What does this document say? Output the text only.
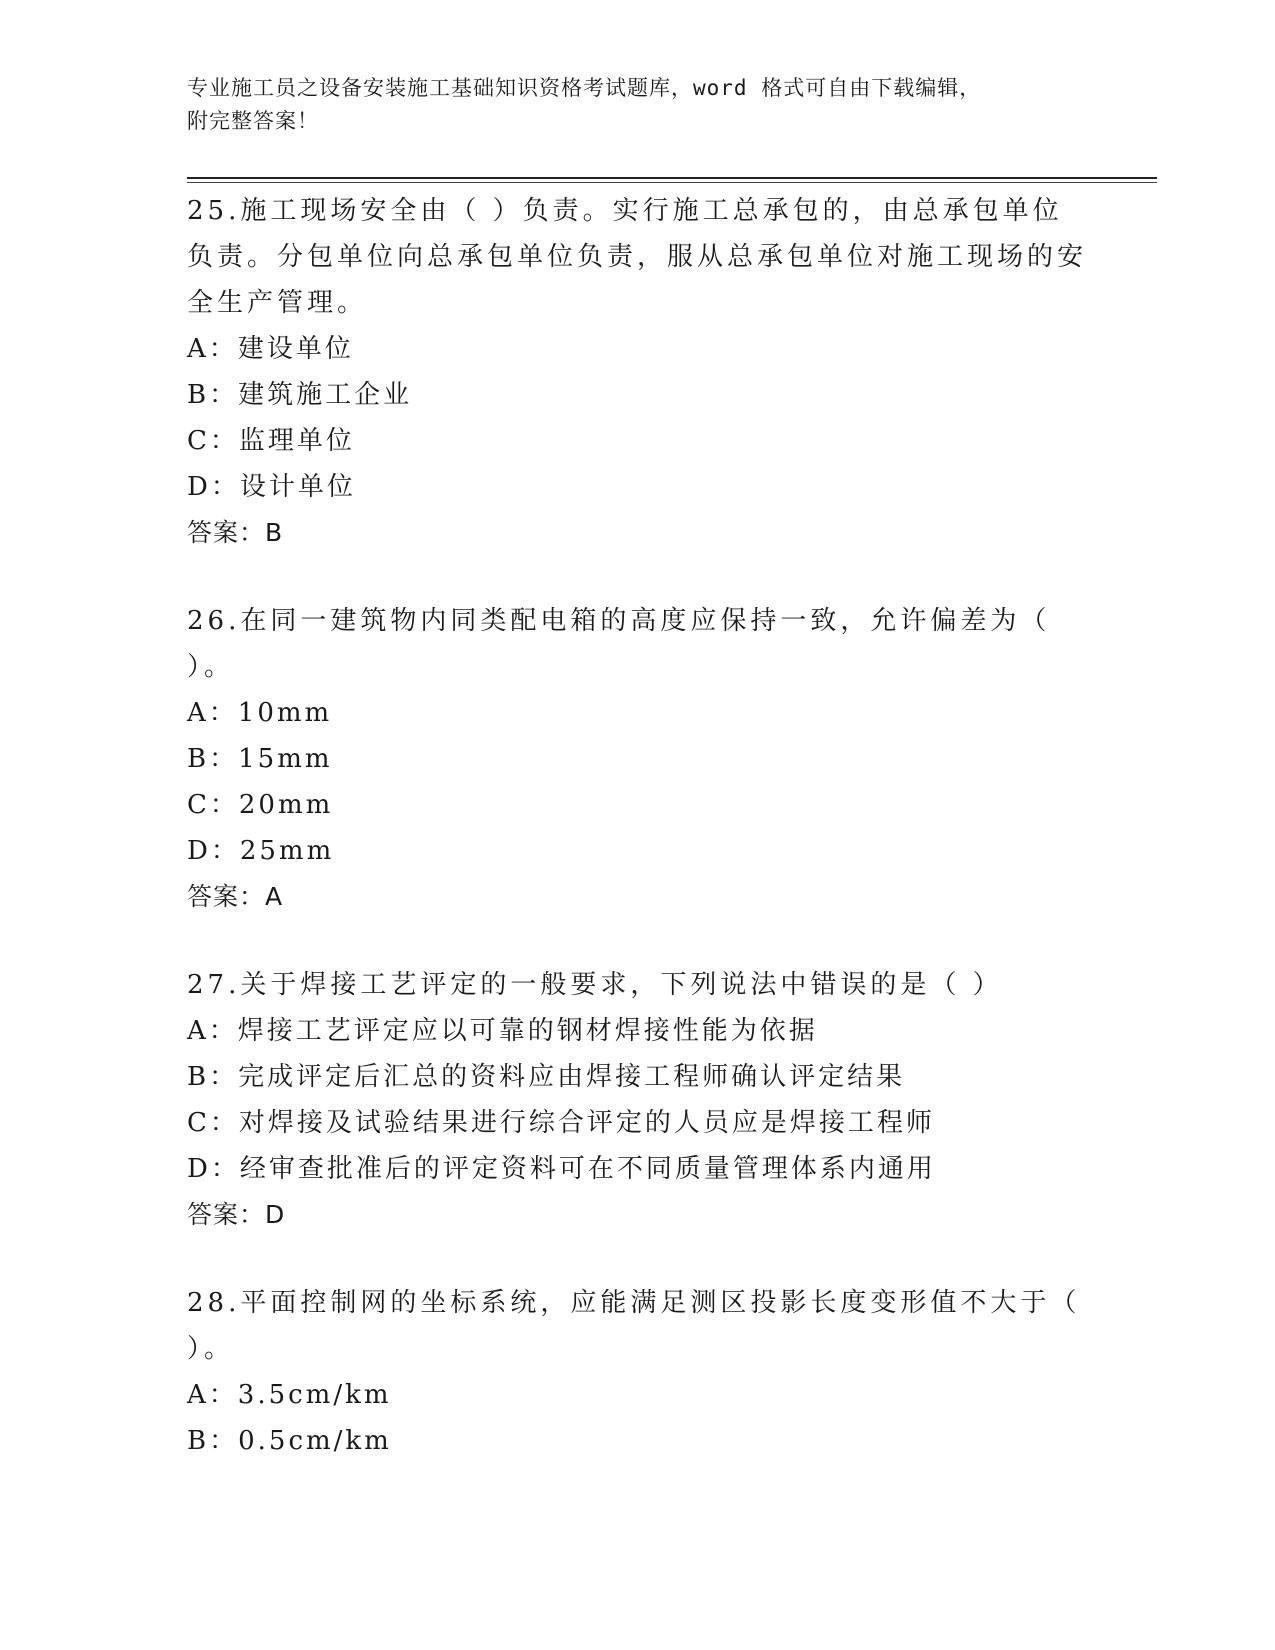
专业施工员之设备安装施工基础知识资格考试题库，word 格式可自由下载编辑，
附完整答案！

25.施工现场安全由（ ）负责。实行施工总承包的，由总承包单位负责。分包单位向总承包单位负责，服从总承包单位对施工现场的安全生产管理。

A：建设单位

B：建筑施工企业

C：监理单位

D：设计单位

答案：B

26.在同一建筑物内同类配电箱的高度应保持一致，允许偏差为（ ）。

A：10mm

B：15mm

C：20mm

D：25mm

答案：A

27.关于焊接工艺评定的一般要求，下列说法中错误的是（ ）

A：焊接工艺评定应以可靠的钢材焊接性能为依据

B：完成评定后汇总的资料应由焊接工程师确认评定结果

C：对焊接及试验结果进行综合评定的人员应是焊接工程师

D：经审查批准后的评定资料可在不同质量管理体系内通用

答案：D

28.平面控制网的坐标系统，应能满足测区投影长度变形值不大于（ ）。

A：3.5cm/km

B：0.5cm/km
